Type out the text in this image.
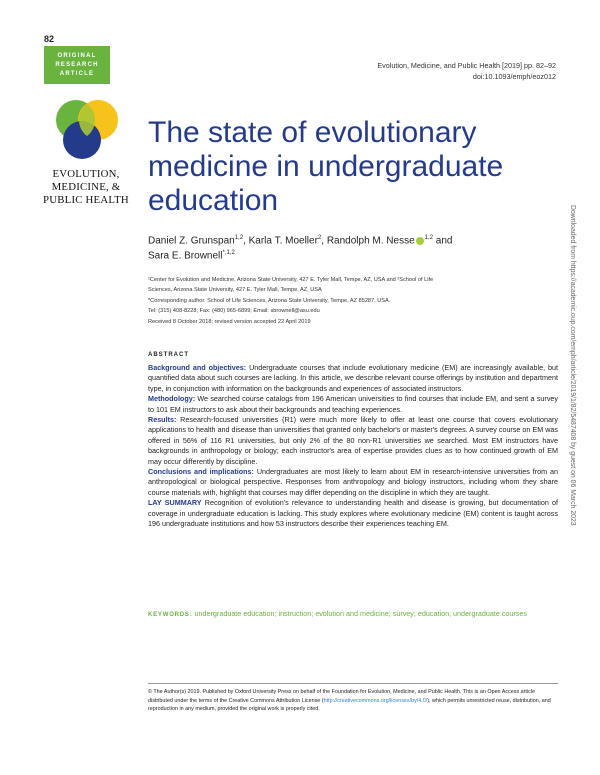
82
ORIGINAL
RESEARCH
ARTICLE
Evolution, Medicine, and Public Health [2019] pp. 82–92
doi:10.1093/emph/eoz012
EVOLUTION,
MEDICINE, &
PUBLIC HEALTH
The state of evolutionary medicine in undergraduate education
Daniel Z. Grunspan$^{1,2}$, Karla T. Moeller$^2$, Randolph M. Nesse $^{1,2}$ and
Sara E. Brownell$^{*,1,2}$
¹Center for Evolution and Medicine, Arizona State University, 427 E. Tyler Mall, Tempe, AZ, USA and ²School of Life
Sciences, Arizona State University, 427 E. Tyler Mall, Tempe, AZ, USA
*Corresponding author. School of Life Sciences, Arizona State University, Tempe, AZ 85287, USA.
Tel: (315) 408-8228; Fax: (480) 965-6899; Email: sbrownell@asu.edu
Received 8 October 2018; revised version accepted 22 April 2019
ABSTRACT

Background and objectives: Undergraduate courses that include evolutionary medicine (EM) are increasingly available, but quantified data about such courses are lacking. In this article, we describe relevant course offerings by institution and department type, in conjunction with information on the backgrounds and experiences of associated instructors.

Methodology: We searched course catalogs from 196 American universities to find courses that include EM, and sent a survey to 101 EM instructors to ask about their backgrounds and teaching experiences.

Results: Research-focused universities (R1) were much more likely to offer at least one course that covers evolutionary applications to health and disease than universities that granted only bachelor's or master's degrees. A survey course on EM was offered in 56% of 116 R1 universities, but only 2% of the 80 non-R1 universities we searched. Most EM instructors have backgrounds in anthropology or biology; each instructor's area of expertise provides clues as to how continued growth of EM may occur differently by discipline.

Conclusions and implications: Undergraduates are most likely to learn about EM in research-intensive universities from an anthropological or biological perspective. Responses from anthropology and biology instructors, including whom they share course materials with, highlight that courses may differ depending on the discipline in which they are taught.

LAY SUMMARY Recognition of evolution's relevance to understanding health and disease is growing, but documentation of coverage in undergraduate education is lacking. This study explores where evolutionary medicine (EM) content is taught across 196 undergraduate institutions and how 53 instructors describe their experiences teaching EM.

KEYWORDS: undergraduate education; instruction; evolution and medicine; survey; education; undergraduate courses
© The Author(s) 2019. Published by Oxford University Press on behalf of the Foundation for Evolution, Medicine, and Public Health. This is an Open Access article distributed under the terms of the Creative Commons Attribution License (http://creativecommons.org/licenses/by/4.0/), which permits unrestricted reuse, distribution, and reproduction in any medium, provided the original work is properly cited.
Downloaded from https://academic.oup.com/emph/article/2019/1/82/5487408 by guest on 06 March 2023
